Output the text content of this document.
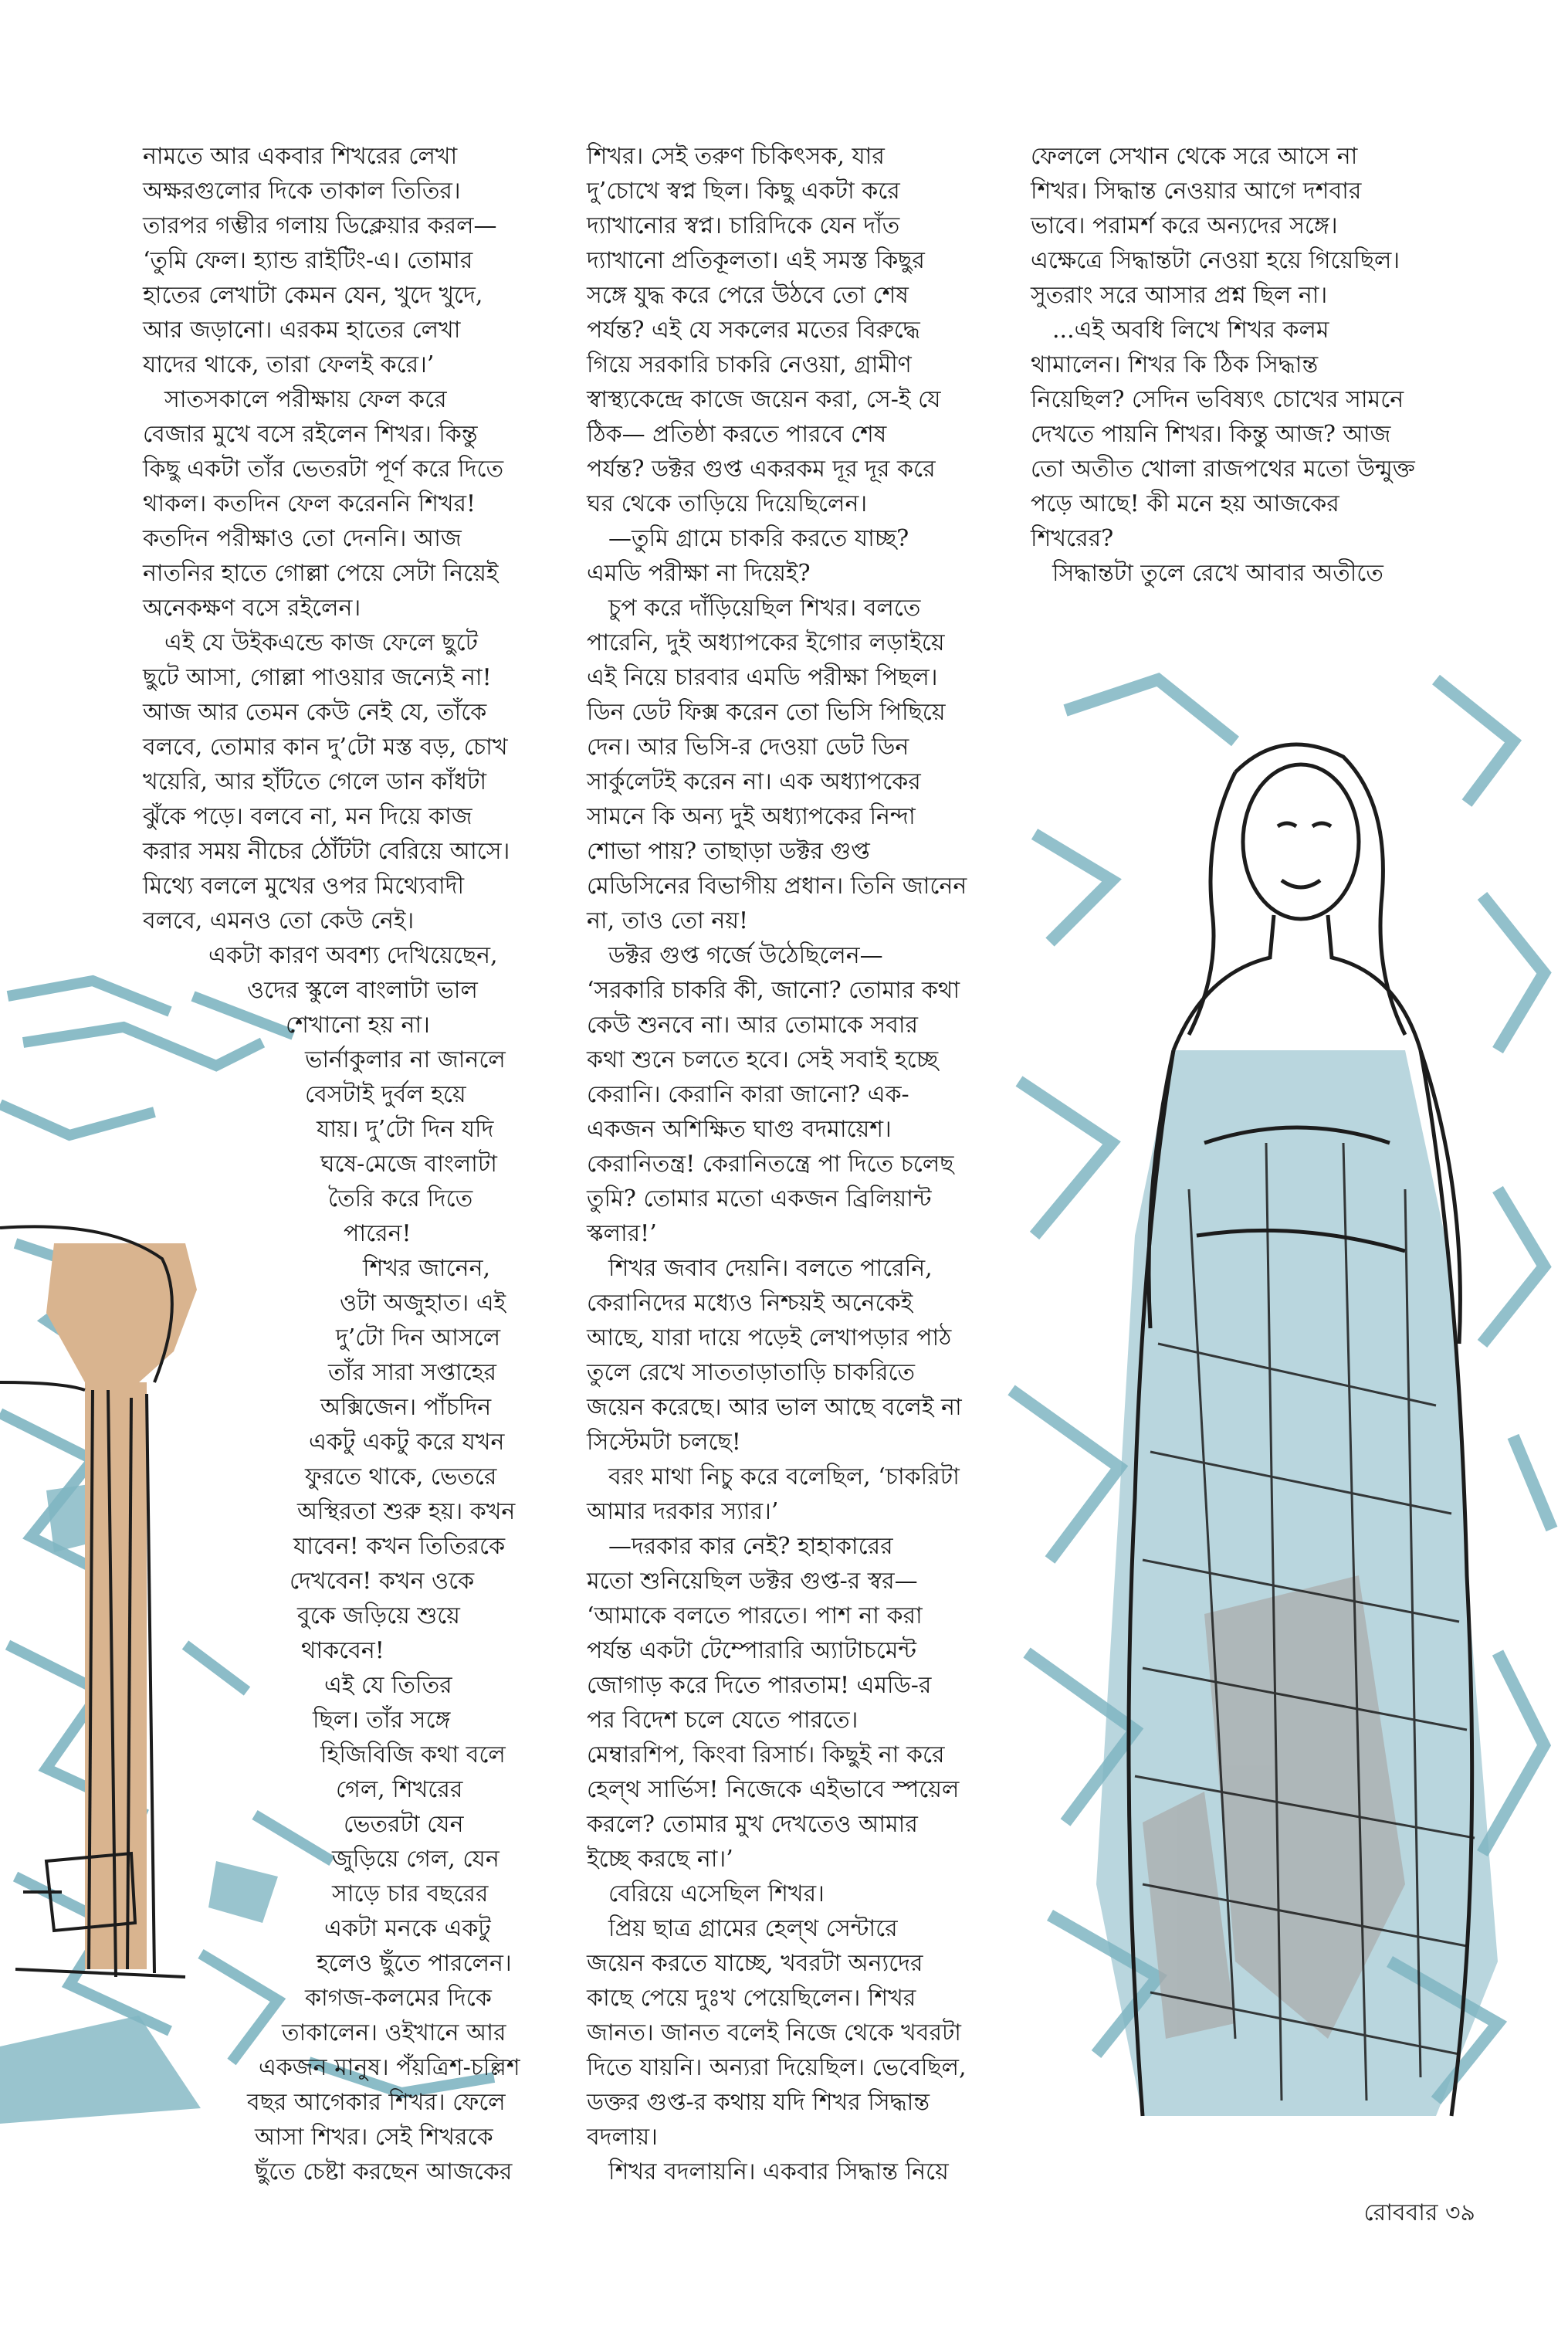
নামতে আর একবার শিখরের লেখা

অক্ষরগুলোর দিকে তাকাল তিতির।

তারপর গম্ভীর গলায় ডিক্লেয়ার করল—

‘তুমি ফেল। হ্যান্ড রাইটিং-এ। তোমার

হাতের লেখাটা কেমন যেন, খুদে খুদে,

আর জড়ানো। এরকম হাতের লেখা

যাদের থাকে, তারা ফেলই করে।’

সাতসকালে পরীক্ষায় ফেল করে

বেজার মুখে বসে রইলেন শিখর। কিন্তু

কিছু একটা তাঁর ভেতরটা পূর্ণ করে দিতে

থাকল। কতদিন ফেল করেননি শিখর!

কতদিন পরীক্ষাও তো দেননি। আজ

নাতনির হাতে গোল্লা পেয়ে সেটা নিয়েই

অনেকক্ষণ বসে রইলেন।

এই যে উইকএন্ডে কাজ ফেলে ছুটে

ছুটে আসা, গোল্লা পাওয়ার জন্যেই না!

আজ আর তেমন কেউ নেই যে, তাঁকে

বলবে, তোমার কান দু’টো মস্ত বড়, চোখ

খয়েরি, আর হাঁটতে গেলে ডান কাঁধটা

ঝুঁকে পড়ে। বলবে না, মন দিয়ে কাজ

করার সময় নীচের ঠোঁটটা বেরিয়ে আসে।

মিথ্যে বললে মুখের ওপর মিথ্যেবাদী

বলবে, এমনও তো কেউ নেই।

একটা কারণ অবশ্য দেখিয়েছেন,

ওদের স্কুলে বাংলাটা ভাল

শেখানো হয় না।

ভার্নাকুলার না জানলে

বেসটাই দুর্বল হয়ে

যায়। দু’টো দিন যদি

ঘষে-মেজে বাংলাটা

তৈরি করে দিতে

পারেন!

শিখর জানেন,

ওটা অজুহাত। এই

দু’টো দিন আসলে

তাঁর সারা সপ্তাহের

অক্সিজেন। পাঁচদিন

একটু একটু করে যখন

ফুরতে থাকে, ভেতরে

অস্থিরতা শুরু হয়। কখন

যাবেন! কখন তিতিরকে

দেখবেন! কখন ওকে

বুকে জড়িয়ে শুয়ে

থাকবেন!

এই যে তিতির

ছিল। তাঁর সঙ্গে

হিজিবিজি কথা বলে

গেল, শিখরের

ভেতরটা যেন

জুড়িয়ে গেল, যেন

সাড়ে চার বছরের

একটা মনকে একটু

হলেও ছুঁতে পারলেন।

কাগজ-কলমের দিকে

তাকালেন। ওইখানে আর

একজন মানুষ। পঁয়ত্রিশ-চল্লিশ

বছর আগেকার শিখর। ফেলে

আসা শিখর। সেই শিখরকে

ছুঁতে চেষ্টা করছেন আজকের

শিখর। সেই তরুণ চিকিৎসক, যার

দু’চোখে স্বপ্ন ছিল। কিছু একটা করে

দ্যাখানোর স্বপ্ন। চারিদিকে যেন দাঁত

দ্যাখানো প্রতিকূলতা। এই সমস্ত কিছুর

সঙ্গে যুদ্ধ করে পেরে উঠবে তো শেষ

পর্যন্ত? এই যে সকলের মতের বিরুদ্ধে

গিয়ে সরকারি চাকরি নেওয়া, গ্রামীণ

স্বাস্থ্যকেন্দ্রে কাজে জয়েন করা, সে-ই যে

ঠিক— প্রতিষ্ঠা করতে পারবে শেষ

পর্যন্ত? ডক্টর গুপ্ত একরকম দূর দূর করে

ঘর থেকে তাড়িয়ে দিয়েছিলেন।

—তুমি গ্রামে চাকরি করতে যাচ্ছ?

এমডি পরীক্ষা না দিয়েই?

চুপ করে দাঁড়িয়েছিল শিখর। বলতে

পারেনি, দুই অধ্যাপকের ইগোর লড়াইয়ে

এই নিয়ে চারবার এমডি পরীক্ষা পিছল।

ডিন ডেট ফিক্স করেন তো ভিসি পিছিয়ে

দেন। আর ভিসি-র দেওয়া ডেট ডিন

সার্কুলেটই করেন না। এক অধ্যাপকের

সামনে কি অন্য দুই অধ্যাপকের নিন্দা

শোভা পায়? তাছাড়া ডক্টর গুপ্ত

মেডিসিনের বিভাগীয় প্রধান। তিনি জানেন

না, তাও তো নয়!

ডক্টর গুপ্ত গর্জে উঠেছিলেন—

‘সরকারি চাকরি কী, জানো? তোমার কথা

কেউ শুনবে না। আর তোমাকে সবার

কথা শুনে চলতে হবে। সেই সবাই হচ্ছে

কেরানি। কেরানি কারা জানো? এক-

একজন অশিক্ষিত ঘাগু বদমায়েশ।

কেরানিতন্ত্র! কেরানিতন্ত্রে পা দিতে চলেছ

তুমি? তোমার মতো একজন ব্রিলিয়ান্ট

স্কলার!’

শিখর জবাব দেয়নি। বলতে পারেনি,

কেরানিদের মধ্যেও নিশ্চয়ই অনেকেই

আছে, যারা দায়ে পড়েই লেখাপড়ার পাঠ

তুলে রেখে সাততাড়াতাড়ি চাকরিতে

জয়েন করেছে। আর ভাল আছে বলেই না

সিস্টেমটা চলছে!

বরং মাথা নিচু করে বলেছিল, ‘চাকরিটা

আমার দরকার স্যার।’

—দরকার কার নেই? হাহাকারের

মতো শুনিয়েছিল ডক্টর গুপ্ত-র স্বর—

‘আমাকে বলতে পারতে। পাশ না করা

পর্যন্ত একটা টেম্পোরারি অ্যাটাচমেন্ট

জোগাড় করে দিতে পারতাম! এমডি-র

পর বিদেশ চলে যেতে পারতে।

মেম্বারশিপ, কিংবা রিসার্চ। কিছুই না করে

হেল্থ সার্ভিস! নিজেকে এইভাবে স্পয়েল

করলে? তোমার মুখ দেখতেও আমার

ইচ্ছে করছে না।’

বেরিয়ে এসেছিল শিখর।

প্রিয় ছাত্র গ্রামের হেল্থ সেন্টারে

জয়েন করতে যাচ্ছে, খবরটা অন্যদের

কাছে পেয়ে দুঃখ পেয়েছিলেন। শিখর

জানত। জানত বলেই নিজে থেকে খবরটা

দিতে যায়নি। অন্যরা দিয়েছিল। ভেবেছিল,

ডক্তর গুপ্ত-র কথায় যদি শিখর সিদ্ধান্ত

বদলায়।

শিখর বদলায়নি। একবার সিদ্ধান্ত নিয়ে

ফেললে সেখান থেকে সরে আসে না

শিখর। সিদ্ধান্ত নেওয়ার আগে দশবার

ভাবে। পরামর্শ করে অন্যদের সঙ্গে।

এক্ষেত্রে সিদ্ধান্তটা নেওয়া হয়ে গিয়েছিল।

সুতরাং সরে আসার প্রশ্ন ছিল না।

...এই অবধি লিখে শিখর কলম

থামালেন। শিখর কি ঠিক সিদ্ধান্ত

নিয়েছিল? সেদিন ভবিষ্যৎ চোখের সামনে

দেখতে পায়নি শিখর। কিন্তু আজ? আজ

তো অতীত খোলা রাজপথের মতো উন্মুক্ত

পড়ে আছে! কী মনে হয় আজকের

শিখরের?

সিদ্ধান্তটা তুলে রেখে আবার অতীতে

রোববার ৩৯
